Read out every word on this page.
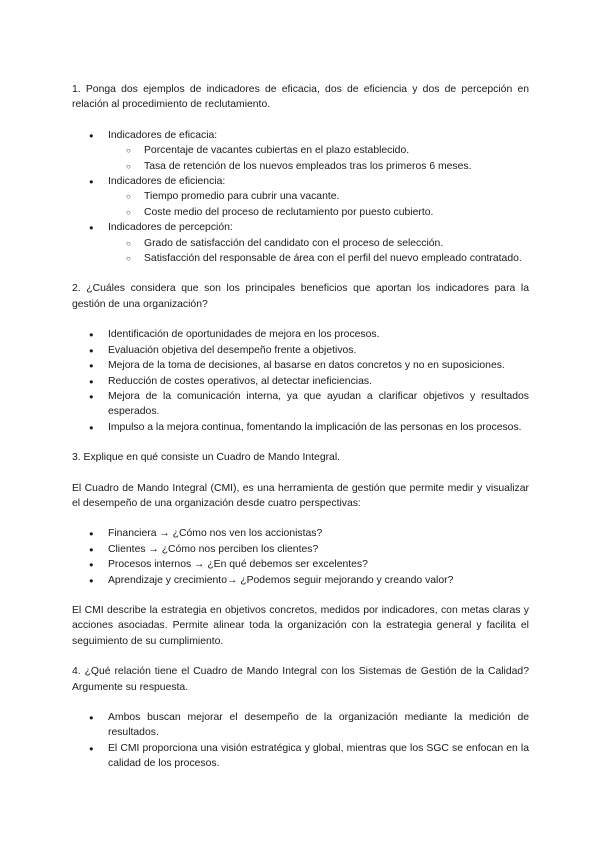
1. Ponga dos ejemplos de indicadores de eficacia, dos de eficiencia y dos de percepción en relación al procedimiento de reclutamiento.

● Indicadores de eficacia:
○ Porcentaje de vacantes cubiertas en el plazo establecido.
○ Tasa de retención de los nuevos empleados tras los primeros 6 meses.
● Indicadores de eficiencia:
○ Tiempo promedio para cubrir una vacante.
○ Coste medio del proceso de reclutamiento por puesto cubierto.
● Indicadores de percepción:
○ Grado de satisfacción del candidato con el proceso de selección.
○ Satisfacción del responsable de área con el perfil del nuevo empleado contratado.

2. ¿Cuáles considera que son los principales beneficios que aportan los indicadores para la gestión de una organización?

● Identificación de oportunidades de mejora en los procesos.
● Evaluación objetiva del desempeño frente a objetivos.
● Mejora de la toma de decisiones, al basarse en datos concretos y no en suposiciones.
● Reducción de costes operativos, al detectar ineficiencias.
● Mejora de la comunicación interna, ya que ayudan a clarificar objetivos y resultados esperados.
● Impulso a la mejora continua, fomentando la implicación de las personas en los procesos.

3. Explique en qué consiste un Cuadro de Mando Integral.

El Cuadro de Mando Integral (CMI), es una herramienta de gestión que permite medir y visualizar el desempeño de una organización desde cuatro perspectivas:

● Financiera → ¿Cómo nos ven los accionistas?
● Clientes → ¿Cómo nos perciben los clientes?
● Procesos internos → ¿En qué debemos ser excelentes?
● Aprendizaje y crecimiento→ ¿Podemos seguir mejorando y creando valor?

El CMI describe la estrategia en objetivos concretos, medidos por indicadores, con metas claras y acciones asociadas. Permite alinear toda la organización con la estrategia general y facilita el seguimiento de su cumplimiento.

4. ¿Qué relación tiene el Cuadro de Mando Integral con los Sistemas de Gestión de la Calidad? Argumente su respuesta.

● Ambos buscan mejorar el desempeño de la organización mediante la medición de resultados.
● El CMI proporciona una visión estratégica y global, mientras que los SGC se enfocan en la calidad de los procesos.
